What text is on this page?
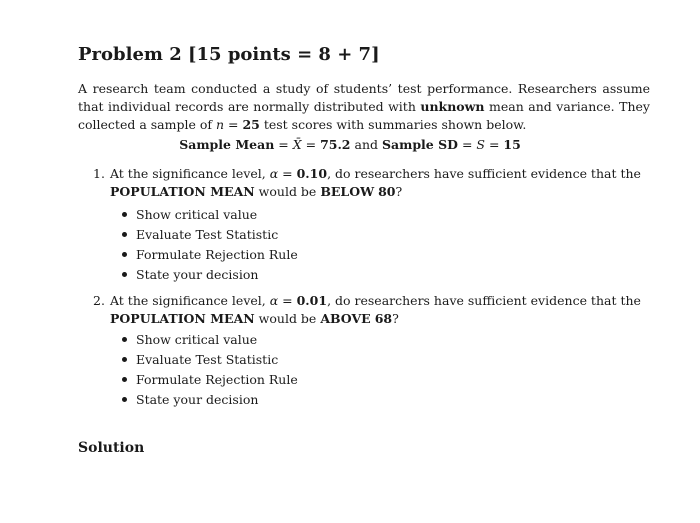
Problem 2 [15 points = 8 + 7]
A research team conducted a study of students’ test performance. Researchers assume that individual records are normally distributed with unknown mean and variance. They collected a sample of n = 25 test scores with summaries shown below.
Sample Mean = X̄ = 75.2 and Sample SD = S = 15
1. At the significance level, α = 0.10, do researchers have sufficient evidence that the POPULATION MEAN would be BELOW 80?
Show critical value
Evaluate Test Statistic
Formulate Rejection Rule
State your decision
2. At the significance level, α = 0.01, do researchers have sufficient evidence that the POPULATION MEAN would be ABOVE 68?
Show critical value
Evaluate Test Statistic
Formulate Rejection Rule
State your decision
Solution
